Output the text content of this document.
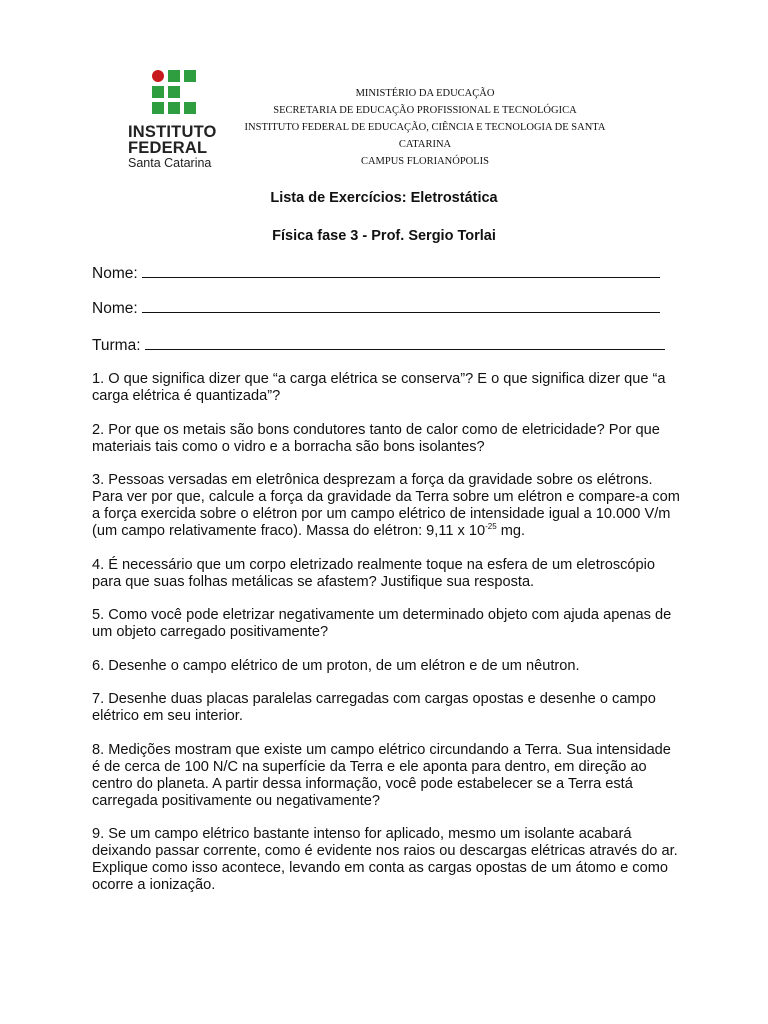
INSTITUTO
FEDERAL
Santa Catarina
MINISTÉRIO DA EDUCAÇÃO
SECRETARIA DE EDUCAÇÃO PROFISSIONAL E TECNOLÓGICA
INSTITUTO FEDERAL DE EDUCAÇÃO, CIÊNCIA E TECNOLOGIA DE SANTA CATARINA
CAMPUS FLORIANÓPOLIS
Lista de Exercícios: Eletrostática
Física fase 3 - Prof. Sergio Torlai
Nome:
Nome:
Turma:

1. O que significa dizer que “a carga elétrica se conserva”? E o que significa dizer que “a carga elétrica é quantizada”?

2. Por que os metais são bons condutores tanto de calor como de eletricidade? Por que materiais tais como o vidro e a borracha são bons isolantes?

3. Pessoas versadas em eletrônica desprezam a força da gravidade sobre os elétrons. Para ver por que, calcule a força da gravidade da Terra sobre um elétron e compare-a com a força exercida sobre o elétron por um campo elétrico de intensidade igual a 10.000 V/m (um campo relativamente fraco). Massa do elétron: 9,11 x $10^{-25}$ mg.

4. É necessário que um corpo eletrizado realmente toque na esfera de um eletroscópio para que suas folhas metálicas se afastem? Justifique sua resposta.

5. Como você pode eletrizar negativamente um determinado objeto com ajuda apenas de um objeto carregado positivamente?

6. Desenhe o campo elétrico de um proton, de um elétron e de um nêutron.

7. Desenhe duas placas paralelas carregadas com cargas opostas e desenhe o campo elétrico em seu interior.

8. Medições mostram que existe um campo elétrico circundando a Terra. Sua intensidade é de cerca de 100 N/C na superfície da Terra e ele aponta para dentro, em direção ao centro do planeta. A partir dessa informação, você pode estabelecer se a Terra está carregada positivamente ou negativamente?

9. Se um campo elétrico bastante intenso for aplicado, mesmo um isolante acabará deixando passar corrente, como é evidente nos raios ou descargas elétricas através do ar. Explique como isso acontece, levando em conta as cargas opostas de um átomo e como ocorre a ionização.
